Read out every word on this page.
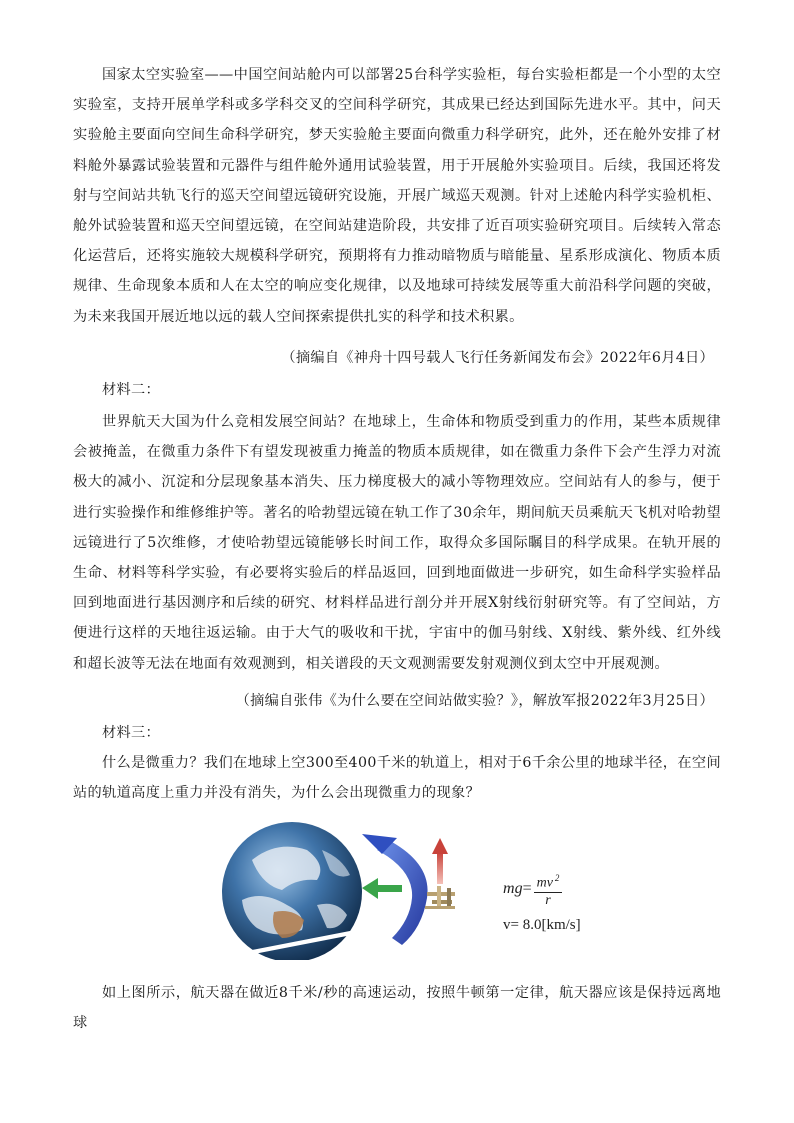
国家太空实验室——中国空间站舱内可以部署25台科学实验柜，每台实验柜都是一个小型的太空实验室，支持开展单学科或多学科交叉的空间科学研究，其成果已经达到国际先进水平。其中，问天实验舱主要面向空间生命科学研究，梦天实验舱主要面向微重力科学研究，此外，还在舱外安排了材料舱外暴露试验装置和元器件与组件舱外通用试验装置，用于开展舱外实验项目。后续，我国还将发射与空间站共轨飞行的巡天空间望远镜研究设施，开展广域巡天观测。针对上述舱内科学实验机柜、舱外试验装置和巡天空间望远镜，在空间站建造阶段，共安排了近百项实验研究项目。后续转入常态化运营后，还将实施较大规模科学研究，预期将有力推动暗物质与暗能量、星系形成演化、物质本质规律、生命现象本质和人在太空的响应变化规律，以及地球可持续发展等重大前沿科学问题的突破，为未来我国开展近地以远的载人空间探索提供扎实的科学和技术积累。

（摘编自《神舟十四号载人飞行任务新闻发布会》2022年6月4日）

材料二：

世界航天大国为什么竞相发展空间站？在地球上，生命体和物质受到重力的作用，某些本质规律会被掩盖，在微重力条件下有望发现被重力掩盖的物质本质规律，如在微重力条件下会产生浮力对流极大的减小、沉淀和分层现象基本消失、压力梯度极大的减小等物理效应。空间站有人的参与，便于进行实验操作和维修维护等。著名的哈勃望远镜在轨工作了30余年，期间航天员乘航天飞机对哈勃望远镜进行了5次维修，才使哈勃望远镜能够长时间工作，取得众多国际瞩目的科学成果。在轨开展的生命、材料等科学实验，有必要将实验后的样品返回，回到地面做进一步研究，如生命科学实验样品回到地面进行基因测序和后续的研究、材料样品进行剖分并开展X射线衍射研究等。有了空间站，方便进行这样的天地往返运输。由于大气的吸收和干扰，宇宙中的伽马射线、X射线、紫外线、红外线和超长波等无法在地面有效观测到，相关谱段的天文观测需要发射观测仪到太空中开展观测。

（摘编自张伟《为什么要在空间站做实验？》，解放军报2022年3月25日）

材料三：

什么是微重力？我们在地球上空300至400千米的轨道上，相对于6千余公里的地球半径，在空间站的轨道高度上重力并没有消失，为什么会出现微重力的现象？

$mg= \frac{mv ^2}{r}$
v= 8.0[km/s]

如上图所示，航天器在做近8千米/秒的高速运动，按照牛顿第一定律，航天器应该是保持远离地球
